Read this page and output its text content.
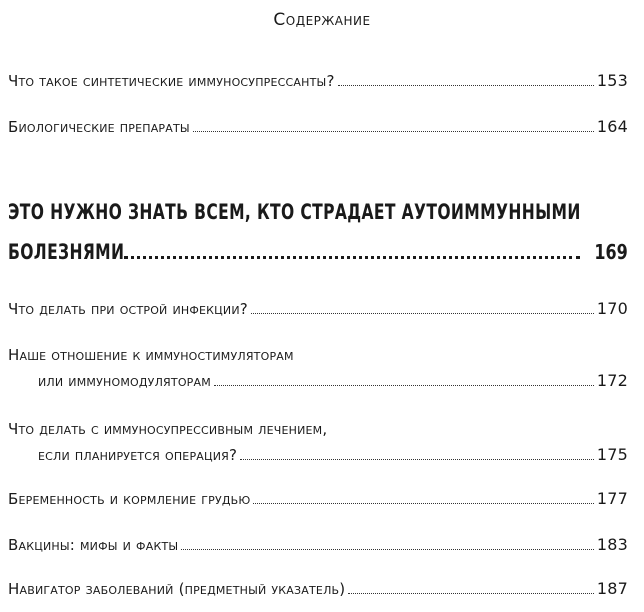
Содержание
Что такое синтетические иммуносупрессанты?	153
Биологические препараты	164
ЭТО НУЖНО ЗНАТЬ ВСЕМ, КТО СТРАДАЕТ АУТОИММУННЫМИ
БОЛЕЗНЯМИ	169
Что делать при острой инфекции?	170
Наше отношение к иммуностимуляторам
или иммуномодуляторам	172
Что делать с иммуносупрессивным лечением,
если планируется операция?	175
Беременность и кормление грудью	177
Вакцины: мифы и факты	183
Навигатор заболеваний (предметный указатель)	187
